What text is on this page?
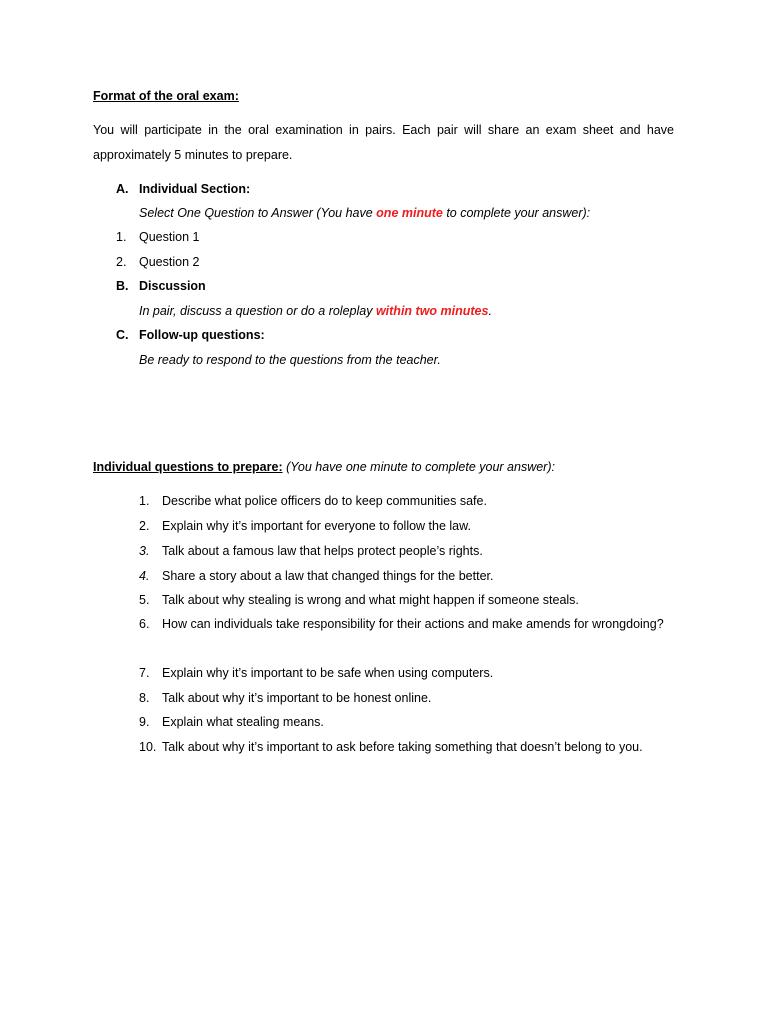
Format of the oral exam:
You will participate in the oral examination in pairs. Each pair will share an exam sheet and have approximately 5 minutes to prepare.
A. Individual Section:
Select One Question to Answer (You have one minute to complete your answer):
1. Question 1
2. Question 2
B. Discussion
In pair, discuss a question or do a roleplay within two minutes.
C. Follow-up questions:
Be ready to respond to the questions from the teacher.
Individual questions to prepare: (You have one minute to complete your answer):
1.	Describe what police officers do to keep communities safe.
2.	Explain why it’s important for everyone to follow the law.
3.	Talk about a famous law that helps protect people’s rights.
4.	Share a story about a law that changed things for the better.
5.	Talk about why stealing is wrong and what might happen if someone steals.
6.	How can individuals take responsibility for their actions and make amends for wrongdoing?
7.	Explain why it’s important to be safe when using computers.
8.	Talk about why it’s important to be honest online.
9.	Explain what stealing means.
10. Talk about why it’s important to ask before taking something that doesn’t belong to you.
